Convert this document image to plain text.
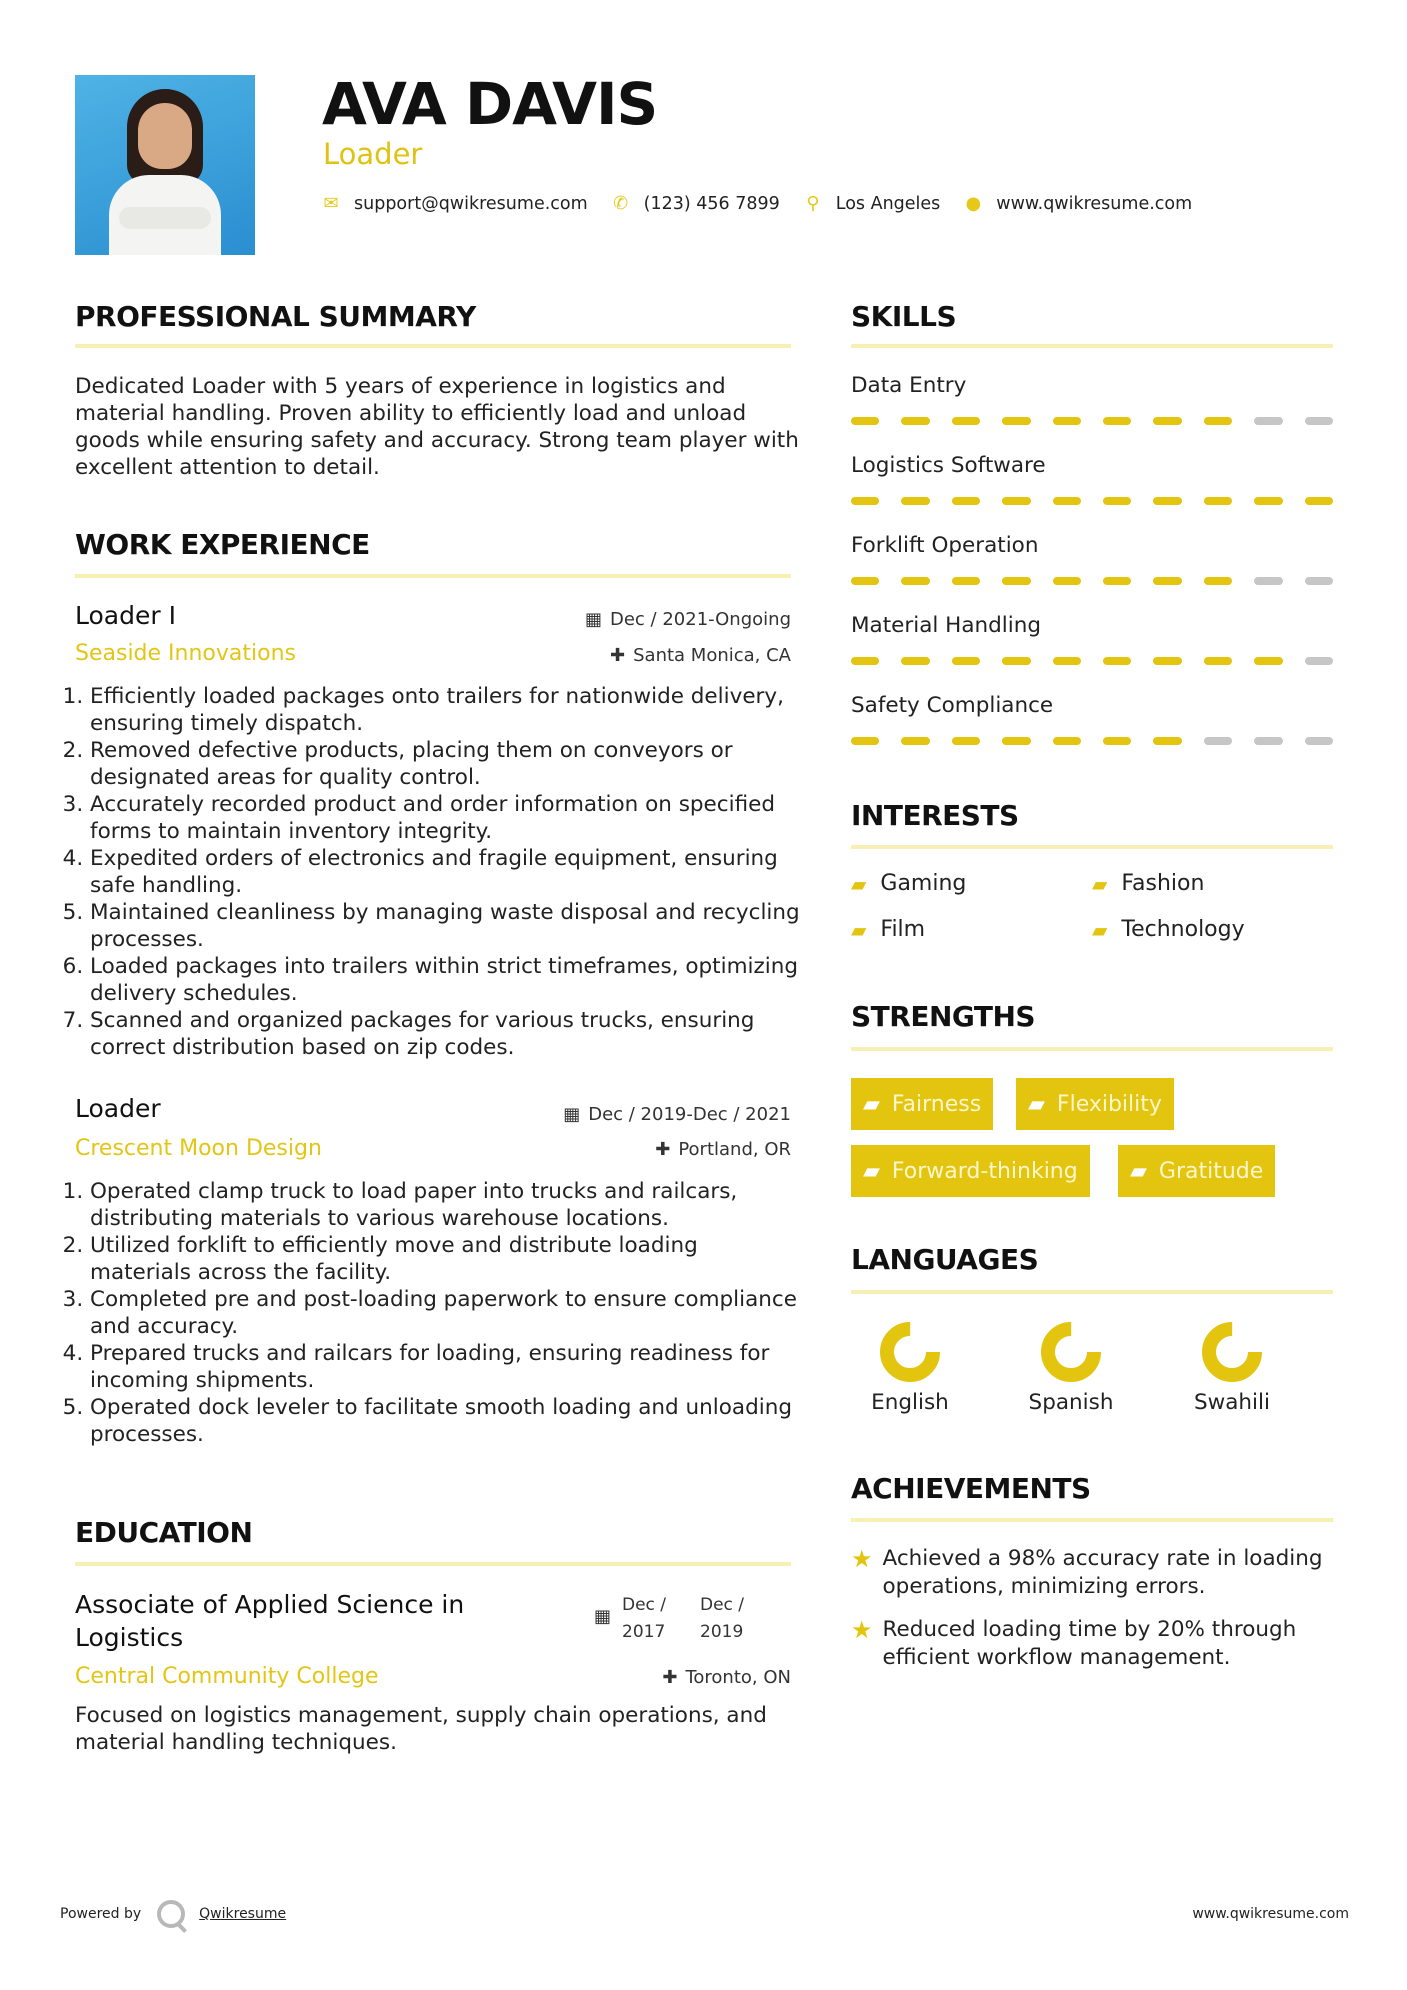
AVA DAVIS
Loader
✉ support@qwikresume.com ✆ (123) 456 7899 ⚲ Los Angeles ● www.qwikresume.com
PROFESSIONAL SUMMARY
Dedicated Loader with 5 years of experience in logistics and material handling. Proven ability to efficiently load and unload goods while ensuring safety and accuracy. Strong team player with excellent attention to detail.
WORK EXPERIENCE
Loader I	▦ Dec / 2021-Ongoing
Seaside Innovations	✚ Santa Monica, CA
1. Efficiently loaded packages onto trailers for nationwide delivery, ensuring timely dispatch.
2. Removed defective products, placing them on conveyors or designated areas for quality control.
3. Accurately recorded product and order information on specified forms to maintain inventory integrity.
4. Expedited orders of electronics and fragile equipment, ensuring safe handling.
5. Maintained cleanliness by managing waste disposal and recycling processes.
6. Loaded packages into trailers within strict timeframes, optimizing delivery schedules.
7. Scanned and organized packages for various trucks, ensuring correct distribution based on zip codes.
Loader	▦ Dec / 2019-Dec / 2021
Crescent Moon Design	✚ Portland, OR
1. Operated clamp truck to load paper into trucks and railcars, distributing materials to various warehouse locations.
2. Utilized forklift to efficiently move and distribute loading materials across the facility.
3. Completed pre and post-loading paperwork to ensure compliance and accuracy.
4. Prepared trucks and railcars for loading, ensuring readiness for incoming shipments.
5. Operated dock leveler to facilitate smooth loading and unloading processes.
EDUCATION
Associate of Applied Science in Logistics
▦
Dec /
2017
Dec /
2019
Central Community College	✚ Toronto, ON
Focused on logistics management, supply chain operations, and material handling techniques.
SKILLS
Data Entry
Logistics Software
Forklift Operation
Material Handling
Safety Compliance
INTERESTS
▰ Gaming	▰ Fashion
▰ Film	▰ Technology
STRENGTHS
▰ Fairness ▰ Flexibility
▰ Forward-thinking ▰ Gratitude
LANGUAGES
English	Spanish	Swahili
ACHIEVEMENTS
★ Achieved a 98% accuracy rate in loading operations, minimizing errors.
★ Reduced loading time by 20% through efficient workflow management.
Powered by	Qwikresume	www.qwikresume.com
